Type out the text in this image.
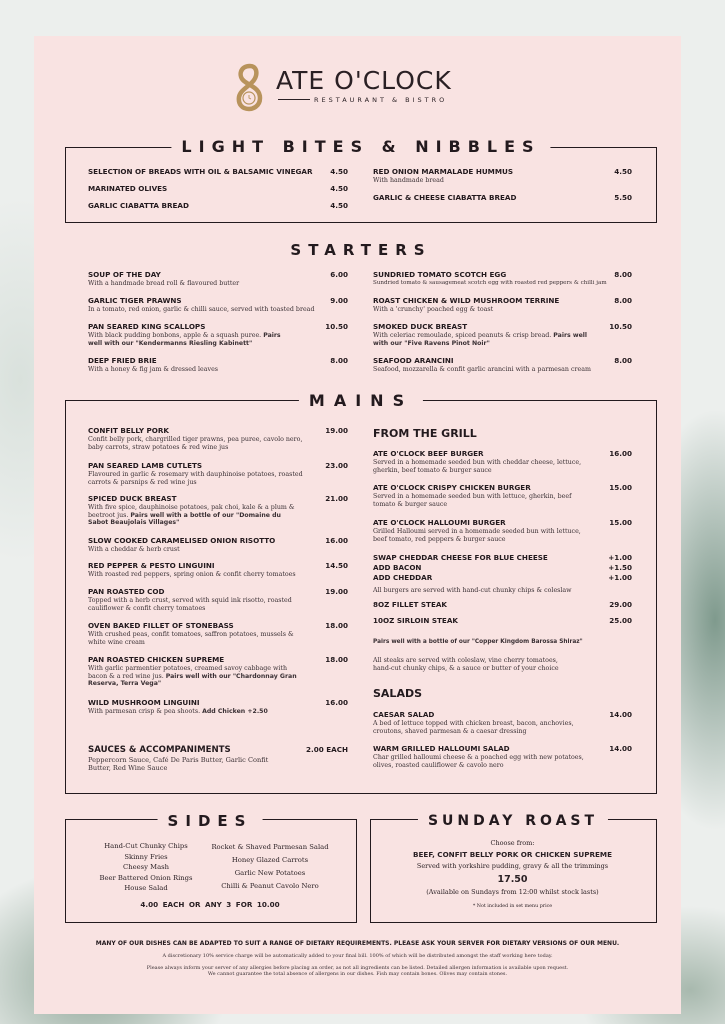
ATE O'CLOCK
RESTAURANT & BISTRO
LIGHT BITES & NIBBLES
SELECTION OF BREADS WITH OIL & BALSAMIC VINEGAR	4.50
MARINATED OLIVES	4.50
GARLIC CIABATTA BREAD	4.50
RED ONION MARMALADE HUMMUS
With handmade bread
4.50
GARLIC & CHEESE CIABATTA BREAD	5.50
STARTERS
SOUP OF THE DAY
With a handmade bread roll & flavoured butter
6.00
GARLIC TIGER PRAWNS
In a tomato, red onion, garlic & chilli sauce, served with toasted bread
9.00
PAN SEARED KING SCALLOPS
With black pudding bonbons, apple & a squash puree. Pairs well with our "Kendermanns Riesling Kabinett"
10.50
DEEP FRIED BRIE
With a honey & fig jam & dressed leaves
8.00
SUNDRIED TOMATO SCOTCH EGG
Sundried tomato & sausagemeat scotch egg with roasted red peppers & chilli jam
8.00
ROAST CHICKEN & WILD MUSHROOM TERRINE
With a 'crunchy' poached egg & toast
8.00
SMOKED DUCK BREAST
With celeriac remoulade, spiced peanuts & crisp bread. Pairs well with our "Five Ravens Pinot Noir"
10.50
SEAFOOD ARANCINI
Seafood, mozzarella & confit garlic arancini with a parmesan cream
8.00
MAINS
CONFIT BELLY PORK
Confit belly pork, chargrilled tiger prawns, pea puree, cavolo nero, baby carrots, straw potatoes & red wine jus
19.00
PAN SEARED LAMB CUTLETS
Flavoured in garlic & rosemary with dauphinoise potatoes, roasted carrots & parsnips & red wine jus
23.00
SPICED DUCK BREAST
With five spice, dauphinoise potatoes, pak choi, kale & a plum & beetroot jus. Pairs well with a bottle of our "Domaine du Sabot Beaujolais Villages"
21.00
SLOW COOKED CARAMELISED ONION RISOTTO
With a cheddar & herb crust
16.00
RED PEPPER & PESTO LINGUINI
With roasted red peppers, spring onion & confit cherry tomatoes
14.50
PAN ROASTED COD
Topped with a herb crust, served with squid ink risotto, roasted cauliflower & confit cherry tomatoes
19.00
OVEN BAKED FILLET OF STONEBASS
With crushed peas, confit tomatoes, saffron potatoes, mussels & white wine cream
18.00
PAN ROASTED CHICKEN SUPREME
With garlic parmentier potatoes, creamed savoy cabbage with bacon & a red wine jus. Pairs well with our "Chardonnay Gran Reserva, Terra Vega"
18.00
WILD MUSHROOM LINGUINI
With parmesan crisp & pea shoots. Add Chicken +2.50
16.00
SAUCES & ACCOMPANIMENTS
Peppercorn Sauce, Café De Paris Butter, Garlic Confit Butter, Red Wine Sauce
2.00 EACH
FROM THE GRILL
ATE O'CLOCK BEEF BURGER
Served in a homemade seeded bun with cheddar cheese, lettuce, gherkin, beef tomato & burger sauce
16.00
ATE O'CLOCK CRISPY CHICKEN BURGER
Served in a homemade seeded bun with lettuce, gherkin, beef tomato & burger sauce
15.00
ATE O'CLOCK HALLOUMI BURGER
Grilled Halloumi served in a homemade seeded bun with lettuce, beef tomato, red peppers & burger sauce
15.00
SWAP CHEDDAR CHEESE FOR BLUE CHEESE	+1.00
ADD BACON	+1.50
ADD CHEDDAR	+1.00
All burgers are served with hand-cut chunky chips & coleslaw
8OZ FILLET STEAK	29.00
10OZ SIRLOIN STEAK	25.00
Pairs well with a bottle of our "Copper Kingdom Barossa Shiraz"
All steaks are served with coleslaw, vine cherry tomatoes, hand-cut chunky chips, & a sauce or butter of your choice
SALADS
CAESAR SALAD
A bed of lettuce topped with chicken breast, bacon, anchovies, croutons, shaved parmesan & a caesar dressing
14.00
WARM GRILLED HALLOUMI SALAD
Char grilled halloumi cheese & a poached egg with new potatoes, olives, roasted cauliflower & cavolo nero
14.00
SIDES
Hand-Cut Chunky Chips
Skinny Fries
Cheesy Mash
Beer Battered Onion Rings
House Salad
Rocket & Shaved Parmesan Salad
Honey Glazed Carrots
Garlic New Potatoes
Chilli & Peanut Cavolo Nero
4.00 EACH OR ANY 3 FOR 10.00
SUNDAY ROAST
Choose from:
BEEF, CONFIT BELLY PORK OR CHICKEN SUPREME
Served with yorkshire pudding, gravy & all the trimmings
17.50
(Available on Sundays from 12:00 whilst stock lasts)
* Not included in set menu price
MANY OF OUR DISHES CAN BE ADAPTED TO SUIT A RANGE OF DIETARY REQUIREMENTS. PLEASE ASK YOUR SERVER FOR DIETARY VERSIONS OF OUR MENU.
A discretionary 10% service charge will be automatically added to your final bill. 100% of which will be distributed amongst the staff working here today.
Please always inform your server of any allergies before placing an order, as not all ingredients can be listed. Detailed allergen information is available upon request.
We cannot guarantee the total absence of allergens in our dishes. Fish may contain bones. Olives may contain stones.
